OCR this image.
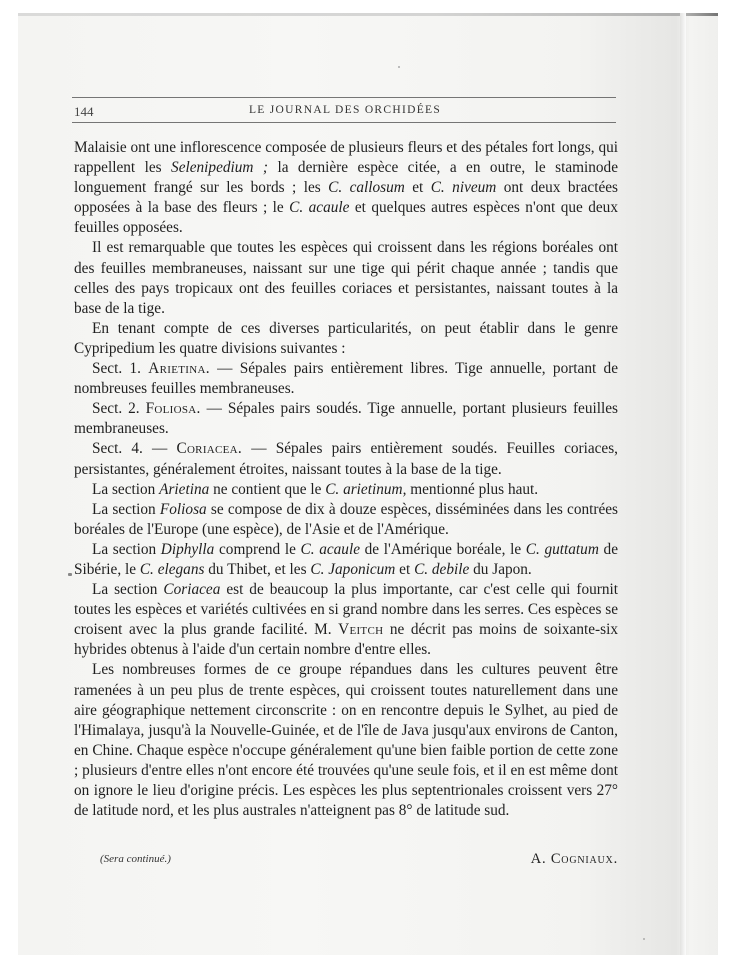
144	LE JOURNAL DES ORCHIDÉES

Malaisie ont une inflorescence composée de plusieurs fleurs et des pétales fort longs, qui rappellent les Selenipedium ; la dernière espèce citée, a en outre, le staminode longuement frangé sur les bords ; les C. callosum et C. niveum ont deux bractées opposées à la base des fleurs ; le C. acaule et quelques autres espèces n'ont que deux feuilles opposées.

Il est remarquable que toutes les espèces qui croissent dans les régions boréales ont des feuilles membraneuses, naissant sur une tige qui périt chaque année ; tandis que celles des pays tropicaux ont des feuilles coriaces et persistantes, naissant toutes à la base de la tige.

En tenant compte de ces diverses particularités, on peut établir dans le genre Cypripedium les quatre divisions suivantes :

Sect. 1. Arietina. — Sépales pairs entièrement libres. Tige annuelle, portant de nombreuses feuilles membraneuses.

Sect. 2. Foliosa. — Sépales pairs soudés. Tige annuelle, portant plusieurs feuilles membraneuses.

Sect. 4. — Coriacea. — Sépales pairs entièrement soudés. Feuilles coriaces, persistantes, généralement étroites, naissant toutes à la base de la tige.

La section Arietina ne contient que le C. arietinum, mentionné plus haut.

La section Foliosa se compose de dix à douze espèces, disséminées dans les contrées boréales de l'Europe (une espèce), de l'Asie et de l'Amérique.

La section Diphylla comprend le C. acaule de l'Amérique boréale, le C. guttatum de Sibérie, le C. elegans du Thibet, et les C. Japonicum et C. debile du Japon.

La section Coriacea est de beaucoup la plus importante, car c'est celle qui fournit toutes les espèces et variétés cultivées en si grand nombre dans les serres. Ces espèces se croisent avec la plus grande facilité. M. Veitch ne décrit pas moins de soixante-six hybrides obtenus à l'aide d'un certain nombre d'entre elles.

Les nombreuses formes de ce groupe répandues dans les cultures peuvent être ramenées à un peu plus de trente espèces, qui croissent toutes naturellement dans une aire géographique nettement circonscrite : on en rencontre depuis le Sylhet, au pied de l'Himalaya, jusqu'à la Nouvelle-Guinée, et de l'île de Java jusqu'aux environs de Canton, en Chine. Chaque espèce n'occupe généralement qu'une bien faible portion de cette zone ; plusieurs d'entre elles n'ont encore été trouvées qu'une seule fois, et il en est même dont on ignore le lieu d'origine précis. Les espèces les plus septentrionales croissent vers 27° de latitude nord, et les plus australes n'atteignent pas 8° de latitude sud.

(Sera continué.)	A. Cogniaux.
